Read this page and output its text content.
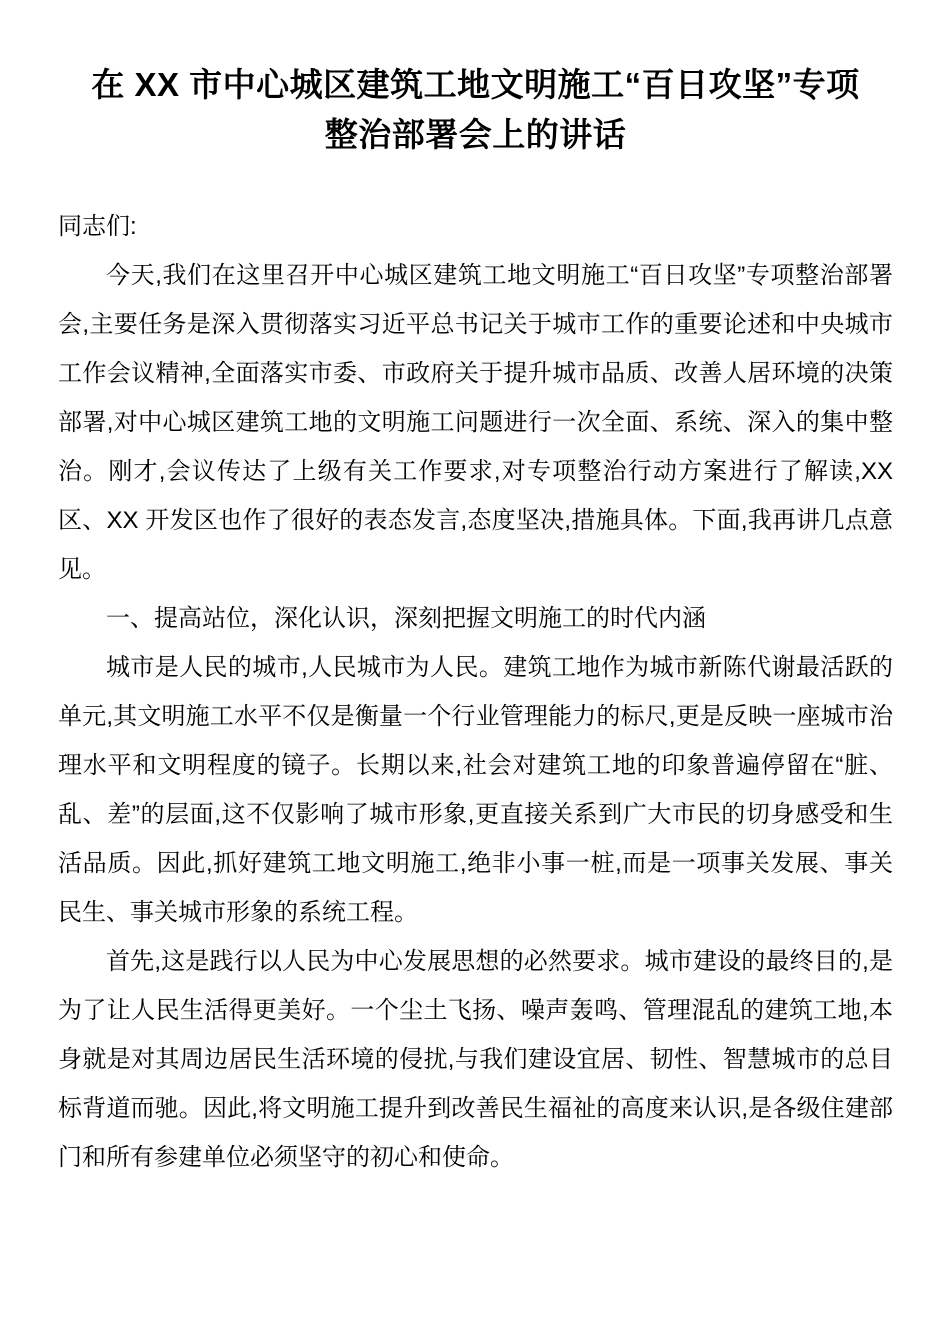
在 XX 市中心城区建筑工地文明施工“百日攻坚”专项
整治部署会上的讲话

同志们:

今天,我们在这里召开中心城区建筑工地文明施工“百日攻坚”专项整治部署会,主要任务是深入贯彻落实习近平总书记关于城市工作的重要论述和中央城市工作会议精神,全面落实市委、市政府关于提升城市品质、改善人居环境的决策部署,对中心城区建筑工地的文明施工问题进行一次全面、系统、深入的集中整治。刚才,会议传达了上级有关工作要求,对专项整治行动方案进行了解读,XX 区、XX 开发区也作了很好的表态发言,态度坚决,措施具体。下面,我再讲几点意见。

一、提高站位，深化认识，深刻把握文明施工的时代内涵

城市是人民的城市,人民城市为人民。建筑工地作为城市新陈代谢最活跃的单元,其文明施工水平不仅是衡量一个行业管理能力的标尺,更是反映一座城市治理水平和文明程度的镜子。长期以来,社会对建筑工地的印象普遍停留在“脏、乱、差”的层面,这不仅影响了城市形象,更直接关系到广大市民的切身感受和生活品质。因此,抓好建筑工地文明施工,绝非小事一桩,而是一项事关发展、事关民生、事关城市形象的系统工程。

首先,这是践行以人民为中心发展思想的必然要求。城市建设的最终目的,是为了让人民生活得更美好。一个尘土飞扬、噪声轰鸣、管理混乱的建筑工地,本身就是对其周边居民生活环境的侵扰,与我们建设宜居、韧性、智慧城市的总目标背道而驰。因此,将文明施工提升到改善民生福祉的高度来认识,是各级住建部门和所有参建单位必须坚守的初心和使命。
